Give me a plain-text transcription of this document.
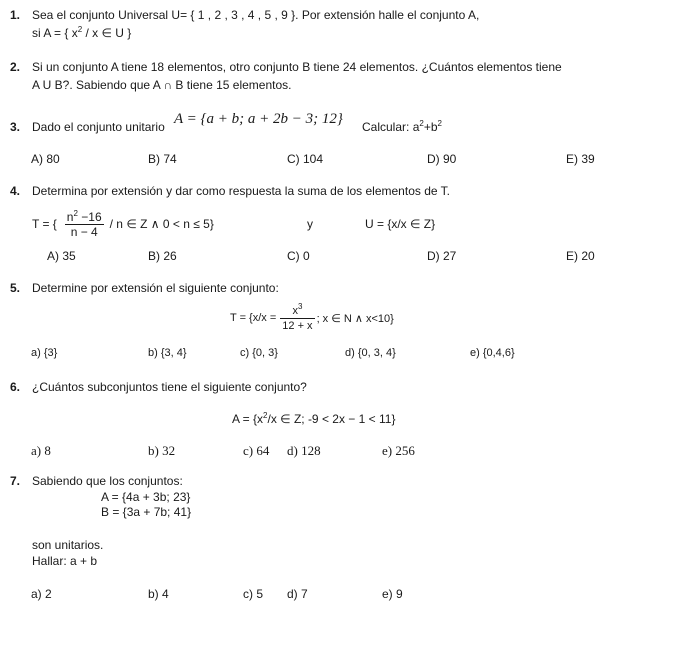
1. Sea el conjunto Universal U= { 1 , 2 , 3 , 4 , 5 , 9 }. Por extensión halle el conjunto A,
si A = { $x^2$ / x ∈ U }
2. Si un conjunto A tiene 18 elementos, otro conjunto B tiene 24 elementos. ¿Cuántos elementos tiene
A U B?. Sabiendo que A ∩ B tiene 15 elementos.
3. Dado el conjunto unitario A = {a + b; a + 2b − 3; 12} Calcular: $a^2+b^2$
A) 80	B) 74	C) 104	D) 90	E) 39
4. Determina por extensión y dar como respuesta la suma de los elementos de T.
T = { $\frac{n^2 -16}{n - 4}$ / n ∈ Z ∧ 0 < n ≤ 5}	y	U = {x/x ∈ Z}
A) 35	B) 26	C) 0	D) 27	E) 20
5. Determine por extensión el siguiente conjunto:
$T = \{x/x = \frac{x^3}{12 + x}$ ; x ∈ N ∧ x<10}
a) {3}	b) {3, 4}	c) {0, 3}	d) {0, 3, 4}	e) {0,4,6}
6. ¿Cuántos subconjuntos tiene el siguiente conjunto?
$A = \{x^2/x$ ∈ Z; -9 < 2x − 1 < 11}
a) 8	b) 32	c) 64 d) 128	e) 256
7. Sabiendo que los conjuntos:
A = {4a + 3b; 23}
B = {3a + 7b; 41}
son unitarios.
Hallar: a + b
a) 2	b) 4	c) 5 d) 7	e) 9
